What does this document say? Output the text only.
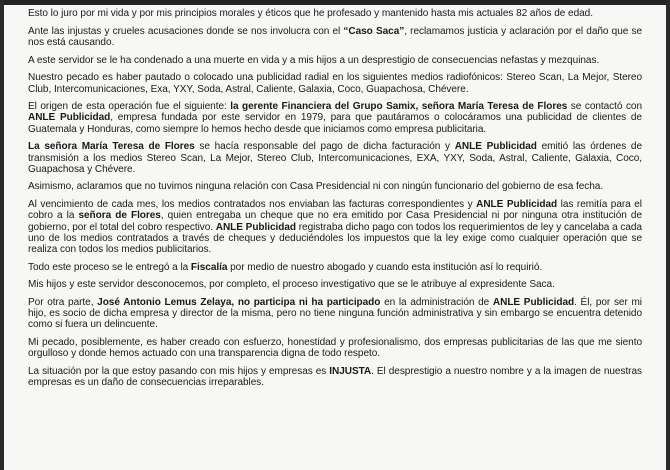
Esto lo juro por mi vida y por mis principios morales y éticos que he profesado y mantenido hasta mis actuales 82 años de edad.

Ante las injustas y crueles acusaciones donde se nos involucra con el “Caso Saca”, reclamamos justicia y aclaración por el daño que se nos está causando.

A este servidor se le ha condenado a una muerte en vida y a mis hijos a un desprestigio de consecuencias nefastas y mezquinas.

Nuestro pecado es haber pautado o colocado una publicidad radial en los siguientes medios radiofónicos: Stereo Scan, La Mejor, Stereo Club, Intercomunicaciones, Exa, YXY, Soda, Astral, Caliente, Galaxia, Coco, Guapachosa, Chévere.

El origen de esta operación fue el siguiente: la gerente Financiera del Grupo Samix, señora María Teresa de Flores se contactó con ANLE Publicidad, empresa fundada por este servidor en 1979, para que pautáramos o colocáramos una publicidad de clientes de Guatemala y Honduras, como siempre lo hemos hecho desde que iniciamos como empresa publicitaria.

La señora María Teresa de Flores se hacía responsable del pago de dicha facturación y ANLE Publicidad emitió las órdenes de transmisión a los medios Stereo Scan, La Mejor, Stereo Club, Intercomunicaciones, EXA, YXY, Soda, Astral, Caliente, Galaxia, Coco, Guapachosa y Chévere.

Asimismo, aclaramos que no tuvimos ninguna relación con Casa Presidencial ni con ningún funcionario del gobierno de esa fecha.

Al vencimiento de cada mes, los medios contratados nos enviaban las facturas correspondientes y ANLE Publicidad las remitía para el cobro a la señora de Flores, quien entregaba un cheque que no era emitido por Casa Presidencial ni por ninguna otra institución de gobierno, por el total del cobro respectivo. ANLE Publicidad registraba dicho pago con todos los requerimientos de ley y cancelaba a cada uno de los medios contratados a través de cheques y deduciéndoles los impuestos que la ley exige como cualquier operación que se realiza con todos los medios publicitarios.

Todo este proceso se le entregó a la Fiscalía por medio de nuestro abogado y cuando esta institución así lo requirió.

Mis hijos y este servidor desconocemos, por completo, el proceso investigativo que se le atribuye al expresidente Saca.

Por otra parte, José Antonio Lemus Zelaya, no participa ni ha participado en la administración de ANLE Publicidad. Él, por ser mi hijo, es socio de dicha empresa y director de la misma, pero no tiene ninguna función administrativa y sin embargo se encuentra detenido como si fuera un delincuente.

Mi pecado, posiblemente, es haber creado con esfuerzo, honestidad y profesionalismo, dos empresas publicitarias de las que me siento orgulloso y donde hemos actuado con una transparencia digna de todo respeto.

La situación por la que estoy pasando con mis hijos y empresas es INJUSTA. El desprestigio a nuestro nombre y a la imagen de nuestras empresas es un daño de consecuencias irreparables.
